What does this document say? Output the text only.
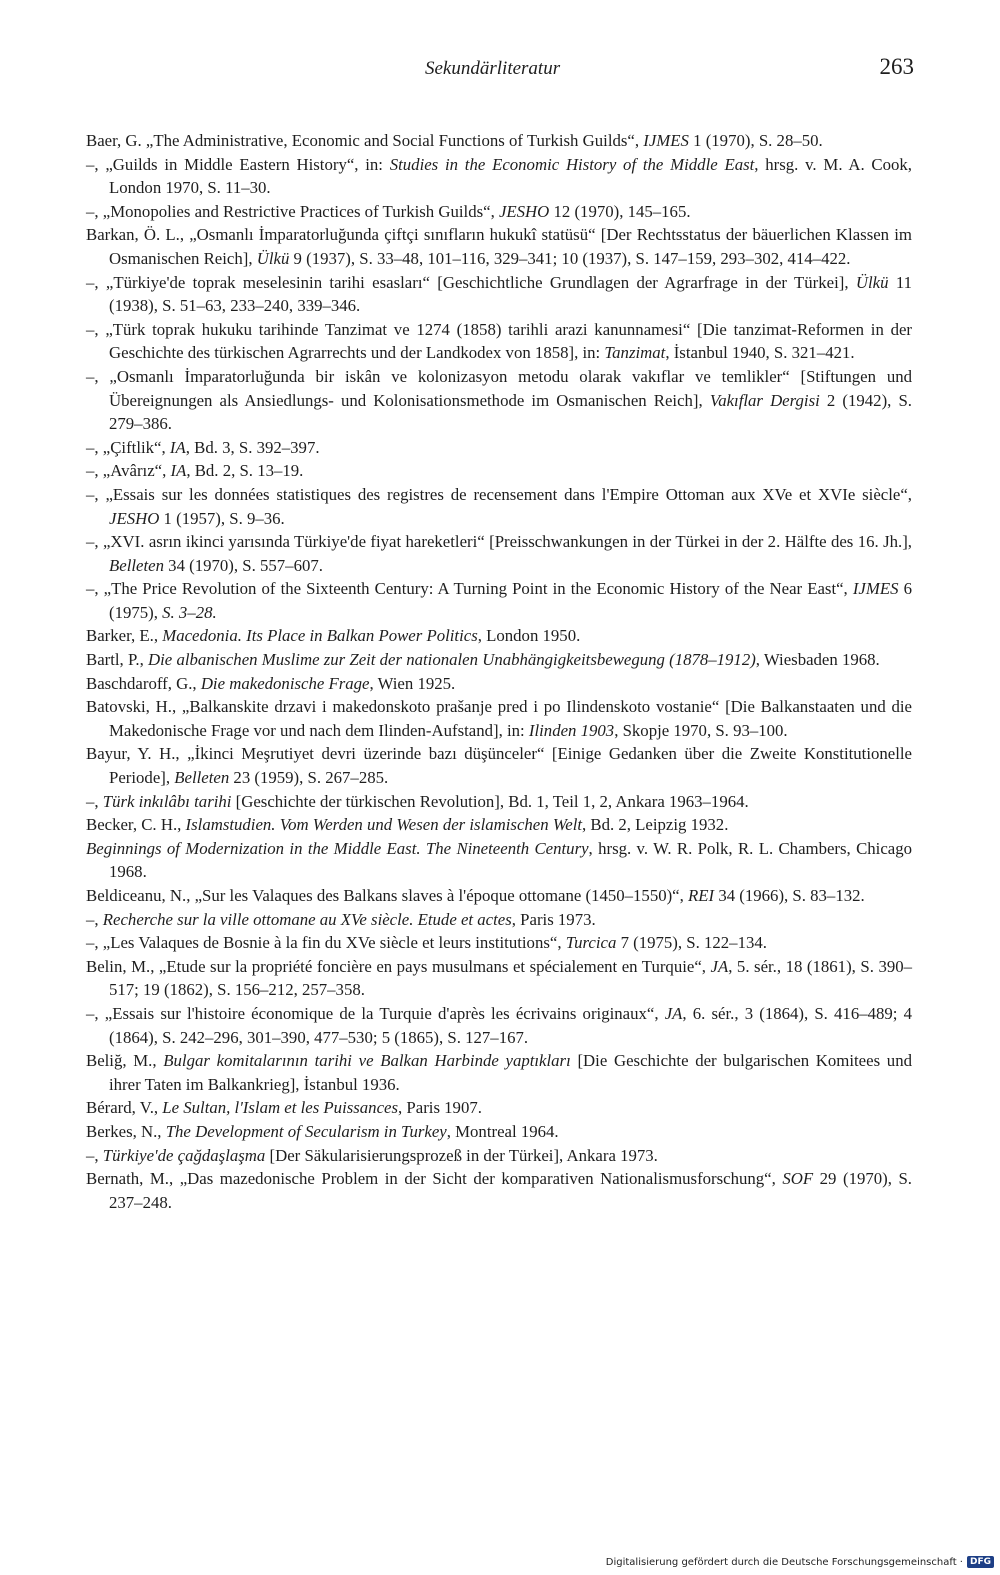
Sekundärliteratur	263
Baer, G. „The Administrative, Economic and Social Functions of Turkish Guilds“, IJMES 1 (1970), S. 28–50.
–, „Guilds in Middle Eastern History“, in: Studies in the Economic History of the Middle East, hrsg. v. M. A. Cook, London 1970, S. 11–30.
–, „Monopolies and Restrictive Practices of Turkish Guilds“, JESHO 12 (1970), 145–165.
Barkan, Ö. L., „Osmanlı İmparatorluğunda çiftçi sınıfların hukukî statüsü“ [Der Rechtsstatus der bäuerlichen Klassen im Osmanischen Reich], Ülkü 9 (1937), S. 33–48, 101–116, 329–341; 10 (1937), S. 147–159, 293–302, 414–422.
–, „Türkiye'de toprak meselesinin tarihi esasları“ [Geschichtliche Grundlagen der Agrarfrage in der Türkei], Ülkü 11 (1938), S. 51–63, 233–240, 339–346.
–, „Türk toprak hukuku tarihinde Tanzimat ve 1274 (1858) tarihli arazi kanunnamesi“ [Die tanzimat-Reformen in der Geschichte des türkischen Agrarrechts und der Landkodex von 1858], in: Tanzimat, İstanbul 1940, S. 321–421.
–, „Osmanlı İmparatorluğunda bir iskân ve kolonizasyon metodu olarak vakıflar ve temlikler“ [Stiftungen und Übereignungen als Ansiedlungs- und Kolonisationsmethode im Osmanischen Reich], Vakıflar Dergisi 2 (1942), S. 279–386.
–, „Çiftlik“, IA, Bd. 3, S. 392–397.
–, „Avârız“, IA, Bd. 2, S. 13–19.
–, „Essais sur les données statistiques des registres de recensement dans l'Empire Ottoman aux XVe et XVIe siècle“, JESHO 1 (1957), S. 9–36.
–, „XVI. asrın ikinci yarısında Türkiye'de fiyat hareketleri“ [Preisschwankungen in der Türkei in der 2. Hälfte des 16. Jh.], Belleten 34 (1970), S. 557–607.
–, „The Price Revolution of the Sixteenth Century: A Turning Point in the Economic History of the Near East“, IJMES 6 (1975), S. 3–28.
Barker, E., Macedonia. Its Place in Balkan Power Politics, London 1950.
Bartl, P., Die albanischen Muslime zur Zeit der nationalen Unabhängigkeitsbewegung (1878–1912), Wiesbaden 1968.
Baschdaroff, G., Die makedonische Frage, Wien 1925.
Batovski, H., „Balkanskite drzavi i makedonskoto prašanje pred i po Ilindenskoto vostanie“ [Die Balkanstaaten und die Makedonische Frage vor und nach dem Ilinden-Aufstand], in: Ilinden 1903, Skopje 1970, S. 93–100.
Bayur, Y. H., „İkinci Meşrutiyet devri üzerinde bazı düşünceler“ [Einige Gedanken über die Zweite Konstitutionelle Periode], Belleten 23 (1959), S. 267–285.
–, Türk inkılâbı tarihi [Geschichte der türkischen Revolution], Bd. 1, Teil 1, 2, Ankara 1963–1964.
Becker, C. H., Islamstudien. Vom Werden und Wesen der islamischen Welt, Bd. 2, Leipzig 1932.
Beginnings of Modernization in the Middle East. The Nineteenth Century, hrsg. v. W. R. Polk, R. L. Chambers, Chicago 1968.
Beldiceanu, N., „Sur les Valaques des Balkans slaves à l'époque ottomane (1450–1550)“, REI 34 (1966), S. 83–132.
–, Recherche sur la ville ottomane au XVe siècle. Etude et actes, Paris 1973.
–, „Les Valaques de Bosnie à la fin du XVe siècle et leurs institutions“, Turcica 7 (1975), S. 122–134.
Belin, M., „Etude sur la propriété foncière en pays musulmans et spécialement en Turquie“, JA, 5. sér., 18 (1861), S. 390–517; 19 (1862), S. 156–212, 257–358.
–, „Essais sur l'histoire économique de la Turquie d'après les écrivains originaux“, JA, 6. sér., 3 (1864), S. 416–489; 4 (1864), S. 242–296, 301–390, 477–530; 5 (1865), S. 127–167.
Beliğ, M., Bulgar komitalarının tarihi ve Balkan Harbinde yaptıkları [Die Geschichte der bulgarischen Komitees und ihrer Taten im Balkankrieg], İstanbul 1936.
Bérard, V., Le Sultan, l'Islam et les Puissances, Paris 1907.
Berkes, N., The Development of Secularism in Turkey, Montreal 1964.
–, Türkiye'de çağdaşlaşma [Der Säkularisierungsprozeß in der Türkei], Ankara 1973.
Bernath, M., „Das mazedonische Problem in der Sicht der komparativen Nationalismusforschung“, SOF 29 (1970), S. 237–248.
Digitalisierung gefördert durch die Deutsche Forschungsgemeinschaft · DFG
